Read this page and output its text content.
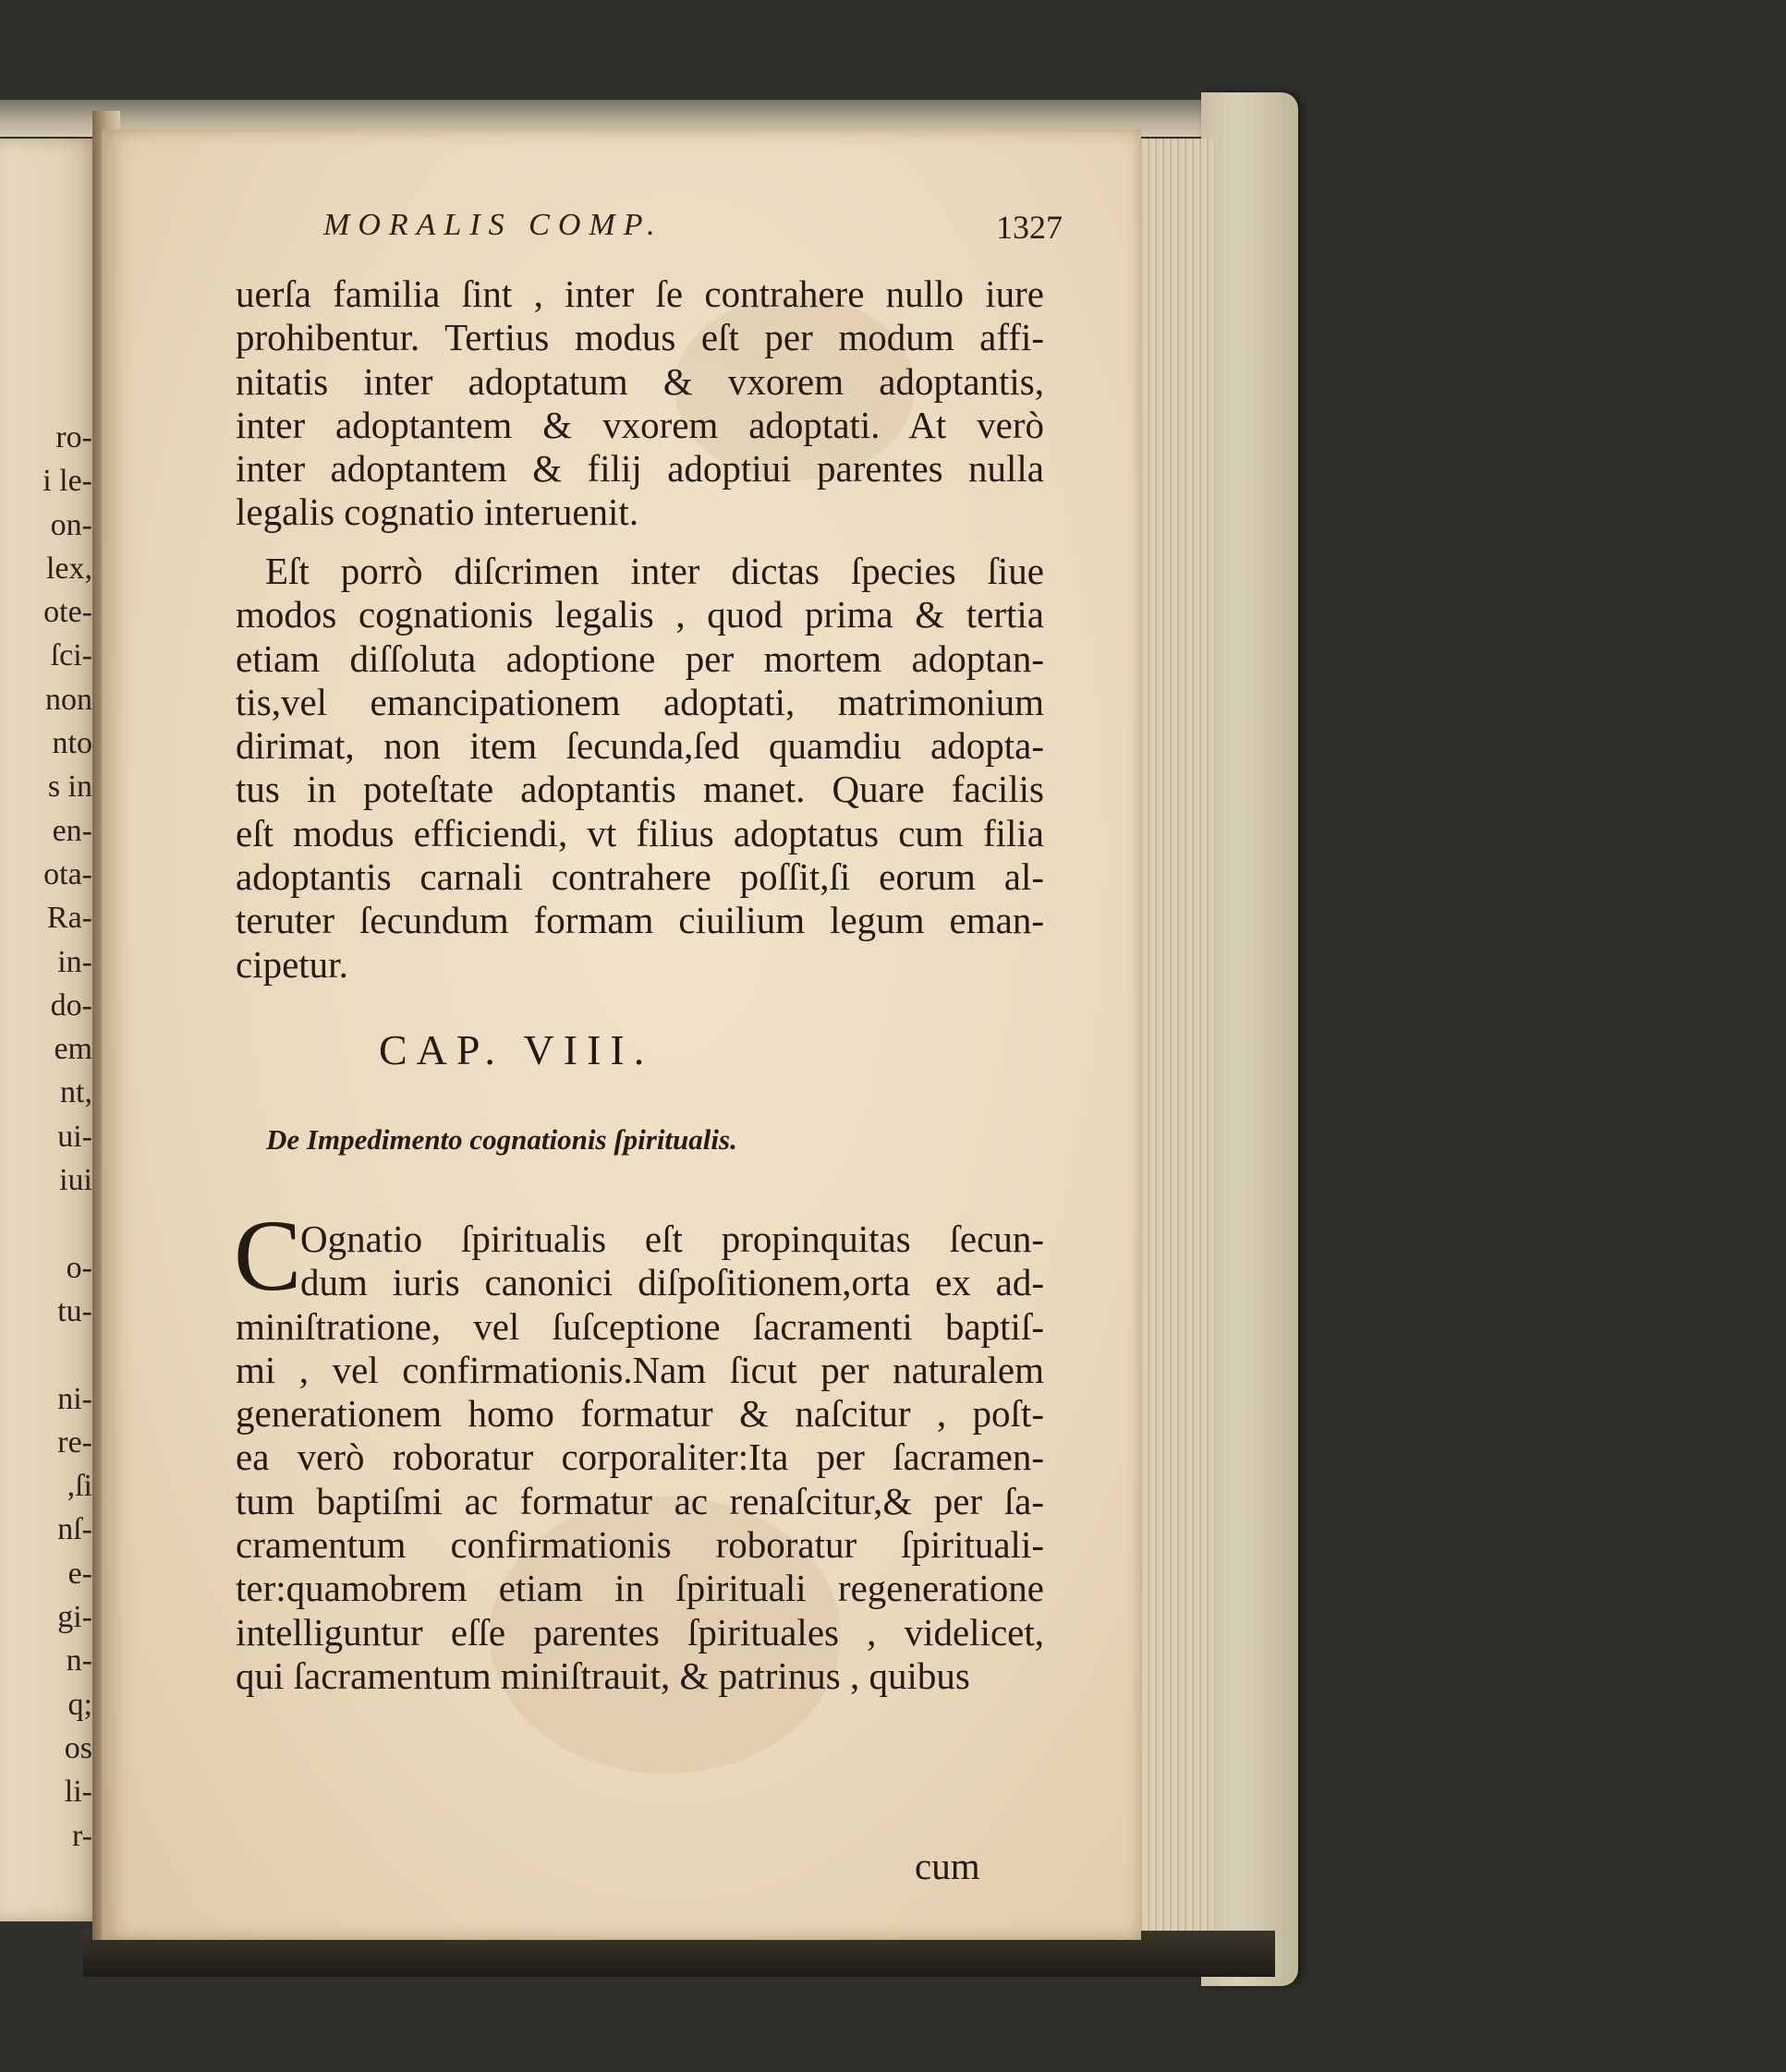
ro-
i le-
on-
lex,
ote-
ſci-
non
nto
s in
en-
ota-
Ra-
in-
do-
em
nt,
ui-
iui
o-
tu-
ni-
re-
,ſi
nſ-
e-
gi-
n-
q;
os
li-
r-
MORALIS COMP.	1327
uerſa familia ſint , inter ſe contrahere nullo iure
prohibentur. Tertius modus eſt per modum affi-
nitatis inter adoptatum & vxorem adoptantis,
inter adoptantem & vxorem adoptati. At verò
inter adoptantem & filij adoptiui parentes nulla
legalis cognatio interuenit.
Eſt porrò diſcrimen inter dictas ſpecies ſiue
modos cognationis legalis , quod prima & tertia
etiam diſſoluta adoptione per mortem adoptan-
tis,vel emancipationem adoptati, matrimonium
dirimat, non item ſecunda,ſed quamdiu adopta-
tus in poteſtate adoptantis manet. Quare facilis
eſt modus efficiendi, vt filius adoptatus cum filia
adoptantis carnali contrahere poſſit,ſi eorum al-
teruter ſecundum formam ciuilium legum eman-
cipetur.
CAP. VIII.
De Impedimento cognationis ſpiritualis.
C
Ognatio ſpiritualis eſt propinquitas ſecun-
dum iuris canonici diſpoſitionem,orta ex ad-
miniſtratione, vel ſuſceptione ſacramenti baptiſ-
mi , vel confirmationis.Nam ſicut per naturalem
generationem homo formatur & naſcitur , poſt-
ea verò roboratur corporaliter:Ita per ſacramen-
tum baptiſmi ac formatur ac renaſcitur,& per ſa-
cramentum confirmationis roboratur ſpirituali-
ter:quamobrem etiam in ſpirituali regeneratione
intelliguntur eſſe parentes ſpirituales , videlicet,
qui ſacramentum miniſtrauit, & patrinus , quibus
cum
